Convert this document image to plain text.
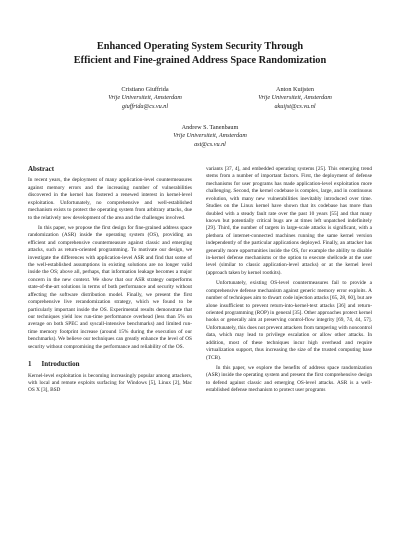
Enhanced Operating System Security Through
Efficient and Fine-grained Address Space Randomization
Cristiano Giuffrida
Vrije Universiteit, Amsterdam
giuffrida@cs.vu.nl
Anton Kuijsten
Vrije Universiteit, Amsterdam
akuijst@cs.vu.nl
Andrew S. Tanenbaum
Vrije Universiteit, Amsterdam
ast@cs.vu.nl
Abstract

In recent years, the deployment of many application-level countermeasures against memory errors and the increasing number of vulnerabilities discovered in the kernel has fostered a renewed interest in kernel-level exploitation. Unfortunately, no comprehensive and well-established mechanism exists to protect the operating system from arbitrary attacks, due to the relatively new development of the area and the challenges involved.

In this paper, we propose the first design for fine-grained address space randomization (ASR) inside the operating system (OS), providing an efficient and comprehensive countermeasure against classic and emerging attacks, such as return-oriented programming. To motivate our design, we investigate the differences with application-level ASR and find that some of the well-established assumptions in existing solutions are no longer valid inside the OS; above all, perhaps, that information leakage becomes a major concern in the new context. We show that our ASR strategy outperforms state-of-the-art solutions in terms of both performance and security without affecting the software distribution model. Finally, we present the first comprehensive live rerandomization strategy, which we found to be particularly important inside the OS. Experimental results demonstrate that our techniques yield low run-time performance overhead (less than 5% on average on both SPEC and syscall-intensive benchmarks) and limited run-time memory footprint increase (around 15% during the execution of our benchmarks). We believe our techniques can greatly enhance the level of OS security without compromising the performance and reliability of the OS.

1 Introduction

Kernel-level exploitation is becoming increasingly popular among attackers, with local and remote exploits surfacing for Windows [5], Linux [2], Mac OS X [3], BSD

variants [37, 4], and embedded operating systems [25]. This emerging trend stems from a number of important factors. First, the deployment of defense mechanisms for user programs has made application-level exploitation more challenging. Second, the kernel codebase is complex, large, and in continuous evolution, with many new vulnerabilities inevitably introduced over time. Studies on the Linux kernel have shown that its codebase has more than doubled with a steady fault rate over the past 10 years [55] and that many known but potentially critical bugs are at times left unpatched indefinitely [29]. Third, the number of targets in large-scale attacks is significant, with a plethora of internet-connected machines running the same kernel version independently of the particular applications deployed. Finally, an attacker has generally more opportunities inside the OS, for example the ability to disable in-kernel defense mechanisms or the option to execute shellcode at the user level (similar to classic application-level attacks) or at the kernel level (approach taken by kernel rootkits).

Unfortunately, existing OS-level countermeasures fail to provide a comprehensive defense mechanism against generic memory error exploits. A number of techniques aim to thwart code injection attacks [65, 28, 60], but are alone insufficient to prevent return-into-kernel-text attacks [36] and return-oriented programming (ROP) in general [35]. Other approaches protect kernel hooks or generally aim at preserving control-flow integrity [69, 74, 44, 57]. Unfortunately, this does not prevent attackers from tampering with noncontrol data, which may lead to privilege escalation or allow other attacks. In addition, most of these techniques incur high overhead and require virtualization support, thus increasing the size of the trusted computing base (TCB).

In this paper, we explore the benefits of address space randomization (ASR) inside the operating system and present the first comprehensive design to defend against classic and emerging OS-level attacks. ASR is a well-established defense mechanism to protect user programs
